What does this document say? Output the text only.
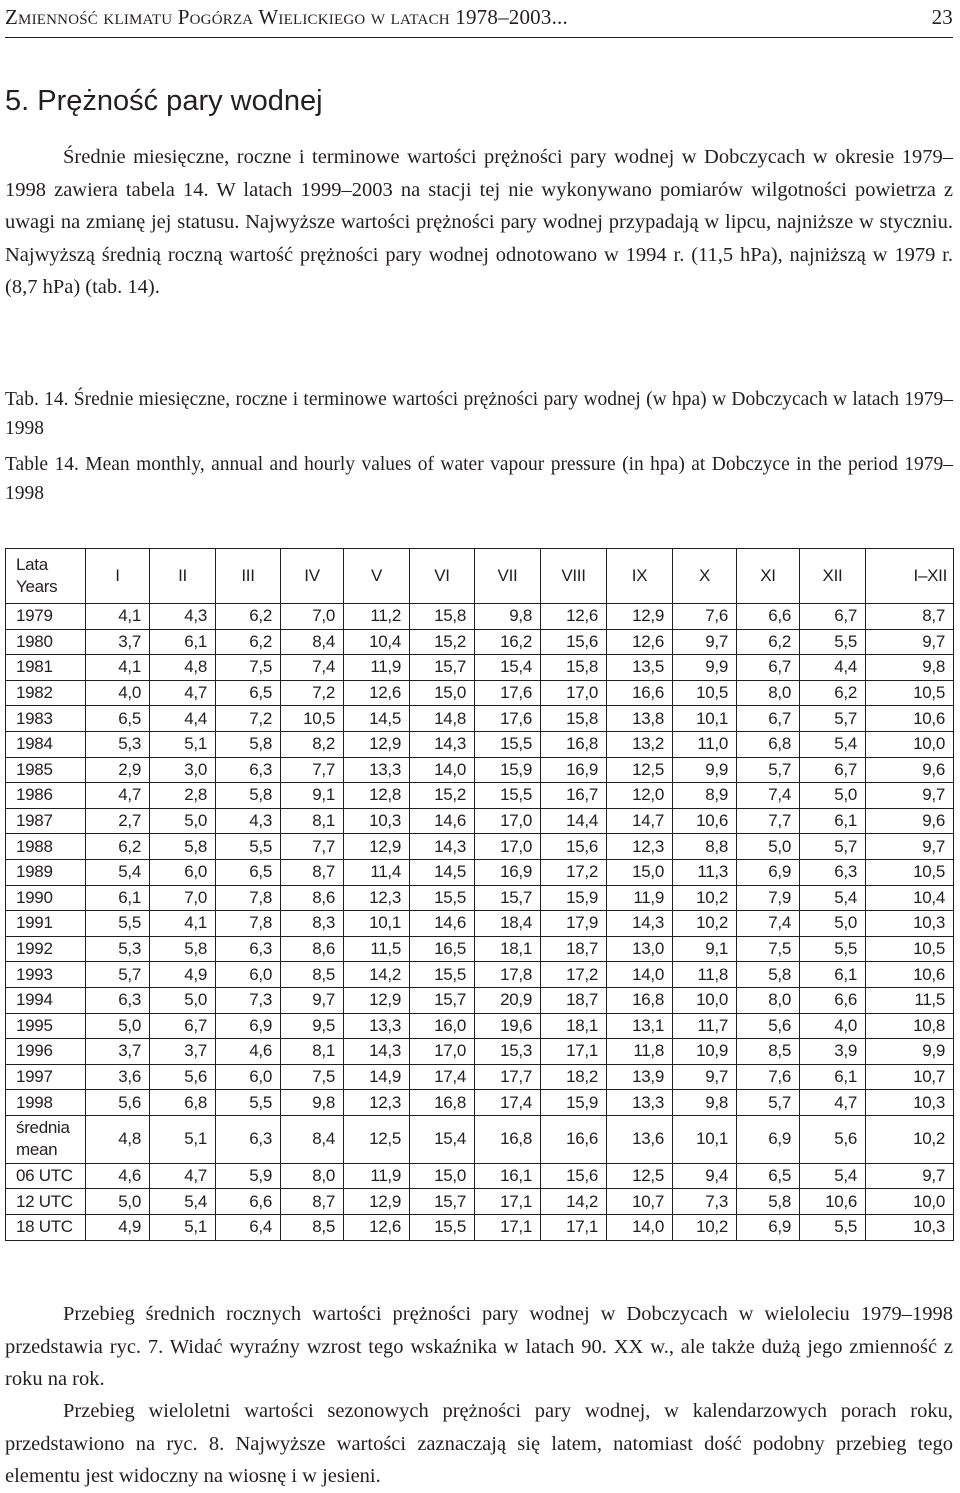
Zmienność klimatu Pogórza Wielickiego w latach 1978–2003...	23
5. Prężność pary wodnej

Średnie miesięczne, roczne i terminowe wartości prężności pary wodnej w Dobczycach w okresie 1979–1998 zawiera tabela 14. W latach 1999–2003 na stacji tej nie wykonywano pomiarów wilgotności powietrza z uwagi na zmianę jej statusu. Najwyższe wartości prężności pary wodnej przypadają w lipcu, najniższe w styczniu. Najwyższą średnią roczną wartość prężności pary wodnej odnotowano w 1994 r. (11,5 hPa), najniższą w 1979 r. (8,7 hPa) (tab. 14).

Tab. 14. Średnie miesięczne, roczne i terminowe wartości prężności pary wodnej (w hpa) w Dobczycach w latach 1979–1998

Table 14. Mean monthly, annual and hourly values of water vapour pressure (in hpa) at Dobczyce in the period 1979–1998

Lata
Years	I	II	III	IV	V	VI	VII	VIII	IX	X	XI	XII	I–XII
1979	4,1	4,3	6,2	7,0	11,2	15,8	9,8	12,6	12,9	7,6	6,6	6,7	8,7
1980	3,7	6,1	6,2	8,4	10,4	15,2	16,2	15,6	12,6	9,7	6,2	5,5	9,7
1981	4,1	4,8	7,5	7,4	11,9	15,7	15,4	15,8	13,5	9,9	6,7	4,4	9,8
1982	4,0	4,7	6,5	7,2	12,6	15,0	17,6	17,0	16,6	10,5	8,0	6,2	10,5
1983	6,5	4,4	7,2	10,5	14,5	14,8	17,6	15,8	13,8	10,1	6,7	5,7	10,6
1984	5,3	5,1	5,8	8,2	12,9	14,3	15,5	16,8	13,2	11,0	6,8	5,4	10,0
1985	2,9	3,0	6,3	7,7	13,3	14,0	15,9	16,9	12,5	9,9	5,7	6,7	9,6
1986	4,7	2,8	5,8	9,1	12,8	15,2	15,5	16,7	12,0	8,9	7,4	5,0	9,7
1987	2,7	5,0	4,3	8,1	10,3	14,6	17,0	14,4	14,7	10,6	7,7	6,1	9,6
1988	6,2	5,8	5,5	7,7	12,9	14,3	17,0	15,6	12,3	8,8	5,0	5,7	9,7
1989	5,4	6,0	6,5	8,7	11,4	14,5	16,9	17,2	15,0	11,3	6,9	6,3	10,5
1990	6,1	7,0	7,8	8,6	12,3	15,5	15,7	15,9	11,9	10,2	7,9	5,4	10,4
1991	5,5	4,1	7,8	8,3	10,1	14,6	18,4	17,9	14,3	10,2	7,4	5,0	10,3
1992	5,3	5,8	6,3	8,6	11,5	16,5	18,1	18,7	13,0	9,1	7,5	5,5	10,5
1993	5,7	4,9	6,0	8,5	14,2	15,5	17,8	17,2	14,0	11,8	5,8	6,1	10,6
1994	6,3	5,0	7,3	9,7	12,9	15,7	20,9	18,7	16,8	10,0	8,0	6,6	11,5
1995	5,0	6,7	6,9	9,5	13,3	16,0	19,6	18,1	13,1	11,7	5,6	4,0	10,8
1996	3,7	3,7	4,6	8,1	14,3	17,0	15,3	17,1	11,8	10,9	8,5	3,9	9,9
1997	3,6	5,6	6,0	7,5	14,9	17,4	17,7	18,2	13,9	9,7	7,6	6,1	10,7
1998	5,6	6,8	5,5	9,8	12,3	16,8	17,4	15,9	13,3	9,8	5,7	4,7	10,3

średnia
mean	4,8	5,1	6,3	8,4	12,5	15,4	16,8	16,6	13,6	10,1	6,9	5,6	10,2
06 UTC	4,6	4,7	5,9	8,0	11,9	15,0	16,1	15,6	12,5	9,4	6,5	5,4	9,7
12 UTC	5,0	5,4	6,6	8,7	12,9	15,7	17,1	14,2	10,7	7,3	5,8	10,6	10,0
18 UTC	4,9	5,1	6,4	8,5	12,6	15,5	17,1	17,1	14,0	10,2	6,9	5,5	10,3

Przebieg średnich rocznych wartości prężności pary wodnej w Dobczycach w wieloleciu 1979–1998 przedstawia ryc. 7. Widać wyraźny wzrost tego wskaźnika w latach 90. XX w., ale także dużą jego zmienność z roku na rok.

Przebieg wieloletni wartości sezonowych prężności pary wodnej, w kalendarzowych porach roku, przedstawiono na ryc. 8. Najwyższe wartości zaznaczają się latem, natomiast dość podobny przebieg tego elementu jest widoczny na wiosnę i w jesieni.
